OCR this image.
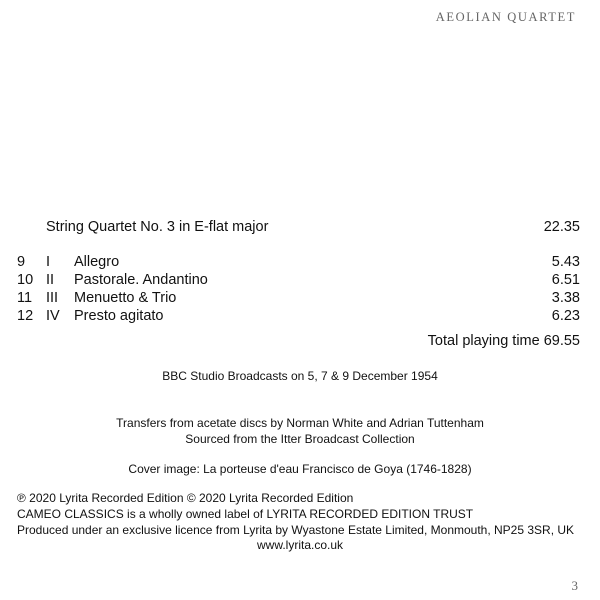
AEOLIAN QUARTET
String Quartet No. 3 in E-flat major	22.35
9 I Allegro	5.43
10 II Pastorale. Andantino	6.51
11 III Menuetto & Trio	3.38
12 IV Presto agitato	6.23
Total playing time 69.55
BBC Studio Broadcasts on 5, 7 & 9 December 1954
Transfers from acetate discs by Norman White and Adrian Tuttenham
Sourced from the Itter Broadcast Collection
Cover image: La porteuse d'eau Francisco de Goya (1746-1828)
℗ 2020 Lyrita Recorded Edition © 2020 Lyrita Recorded Edition
CAMEO CLASSICS is a wholly owned label of LYRITA RECORDED EDITION TRUST
Produced under an exclusive licence from Lyrita by Wyastone Estate Limited, Monmouth, NP25 3SR, UK
www.lyrita.co.uk
3
